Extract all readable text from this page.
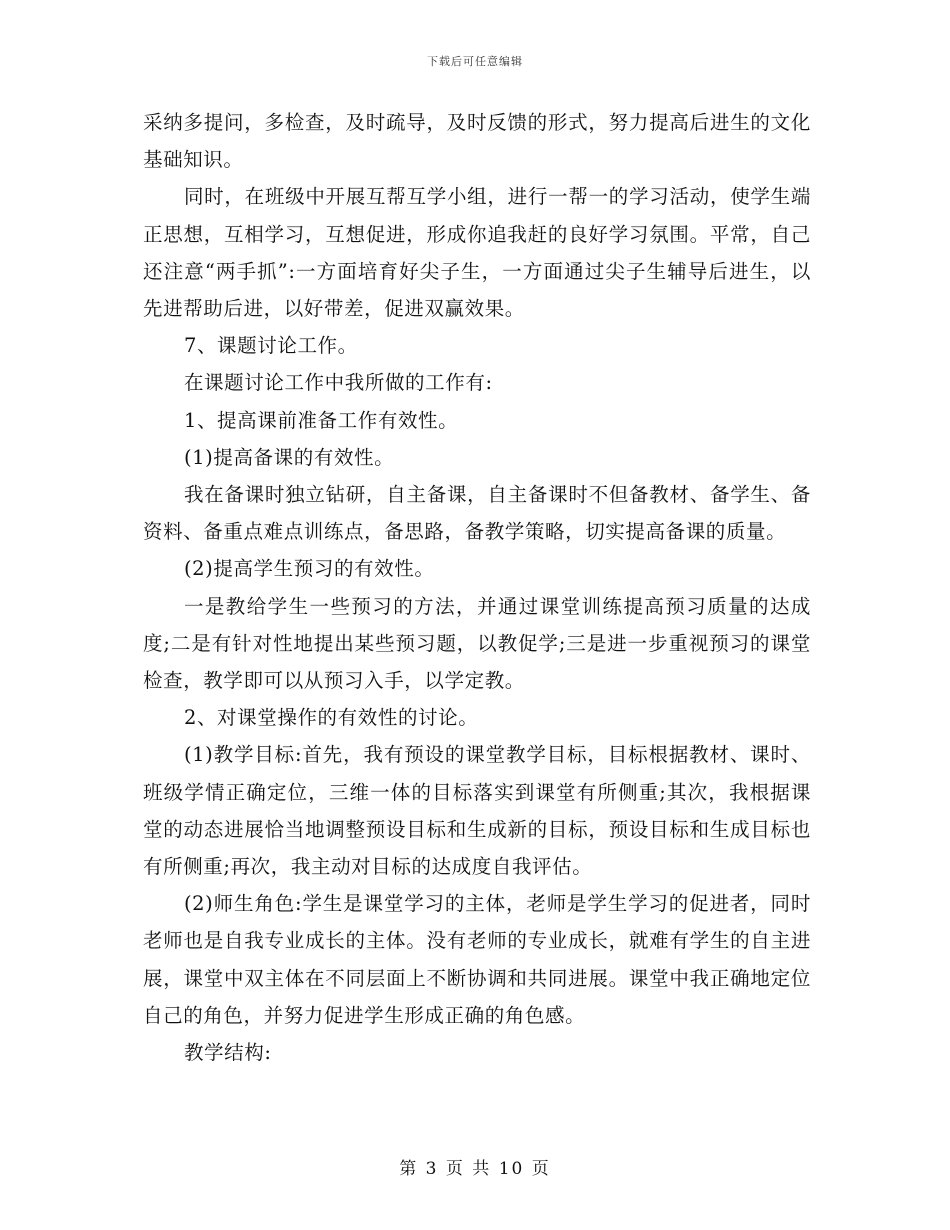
下载后可任意编辑

采纳多提问，多检查，及时疏导，及时反馈的形式，努力提高后进生的文化基础知识。

同时，在班级中开展互帮互学小组，进行一帮一的学习活动，使学生端正思想，互相学习，互想促进，形成你追我赶的良好学习氛围。平常，自己还注意“两手抓”:一方面培育好尖子生，一方面通过尖子生辅导后进生，以先进帮助后进，以好带差，促进双赢效果。

7、课题讨论工作。

在课题讨论工作中我所做的工作有:

1、提高课前准备工作有效性。

(1)提高备课的有效性。

我在备课时独立钻研，自主备课，自主备课时不但备教材、备学生、备资料、备重点难点训练点，备思路，备教学策略，切实提高备课的质量。

(2)提高学生预习的有效性。

一是教给学生一些预习的方法，并通过课堂训练提高预习质量的达成度;二是有针对性地提出某些预习题，以教促学;三是进一步重视预习的课堂检查，教学即可以从预习入手，以学定教。

2、对课堂操作的有效性的讨论。

(1)教学目标:首先，我有预设的课堂教学目标，目标根据教材、课时、班级学情正确定位，三维一体的目标落实到课堂有所侧重;其次，我根据课堂的动态进展恰当地调整预设目标和生成新的目标，预设目标和生成目标也有所侧重;再次，我主动对目标的达成度自我评估。

(2)师生角色:学生是课堂学习的主体，老师是学生学习的促进者，同时老师也是自我专业成长的主体。没有老师的专业成长，就难有学生的自主进展，课堂中双主体在不同层面上不断协调和共同进展。课堂中我正确地定位自己的角色，并努力促进学生形成正确的角色感。

教学结构:

第 3 页 共 10 页
